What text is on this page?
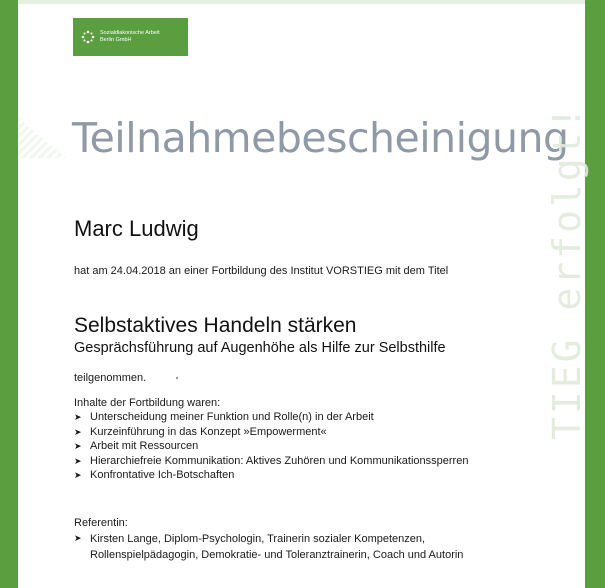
Sozialdiakonische Arbeit
Berlin GmbH
Teilnahmebescheinigung
Marc Ludwig
hat am 24.04.2018 an einer Fortbildung des Institut VORSTIEG mit dem Titel
Selbstaktives Handeln stärken
Gesprächsführung auf Augenhöhe als Hilfe zur Selbsthilfe
teilgenommen.
Inhalte der Fortbildung waren:
➤ Unterscheidung meiner Funktion und Rolle(n) in der Arbeit
➤ Kurzeinführung in das Konzept »Empowerment«
➤ Arbeit mit Ressourcen
➤ Hierarchiefreie Kommunikation: Aktives Zuhören und Kommunikationssperren
➤ Konfrontative Ich-Botschaften
Referentin:
➤ Kirsten Lange, Diplom-Psychologin, Trainerin sozialer Kompetenzen, Rollenspielpädagogin, Demokratie- und Toleranztrainerin, Coach und Autorin
TIEG erfolgt!
